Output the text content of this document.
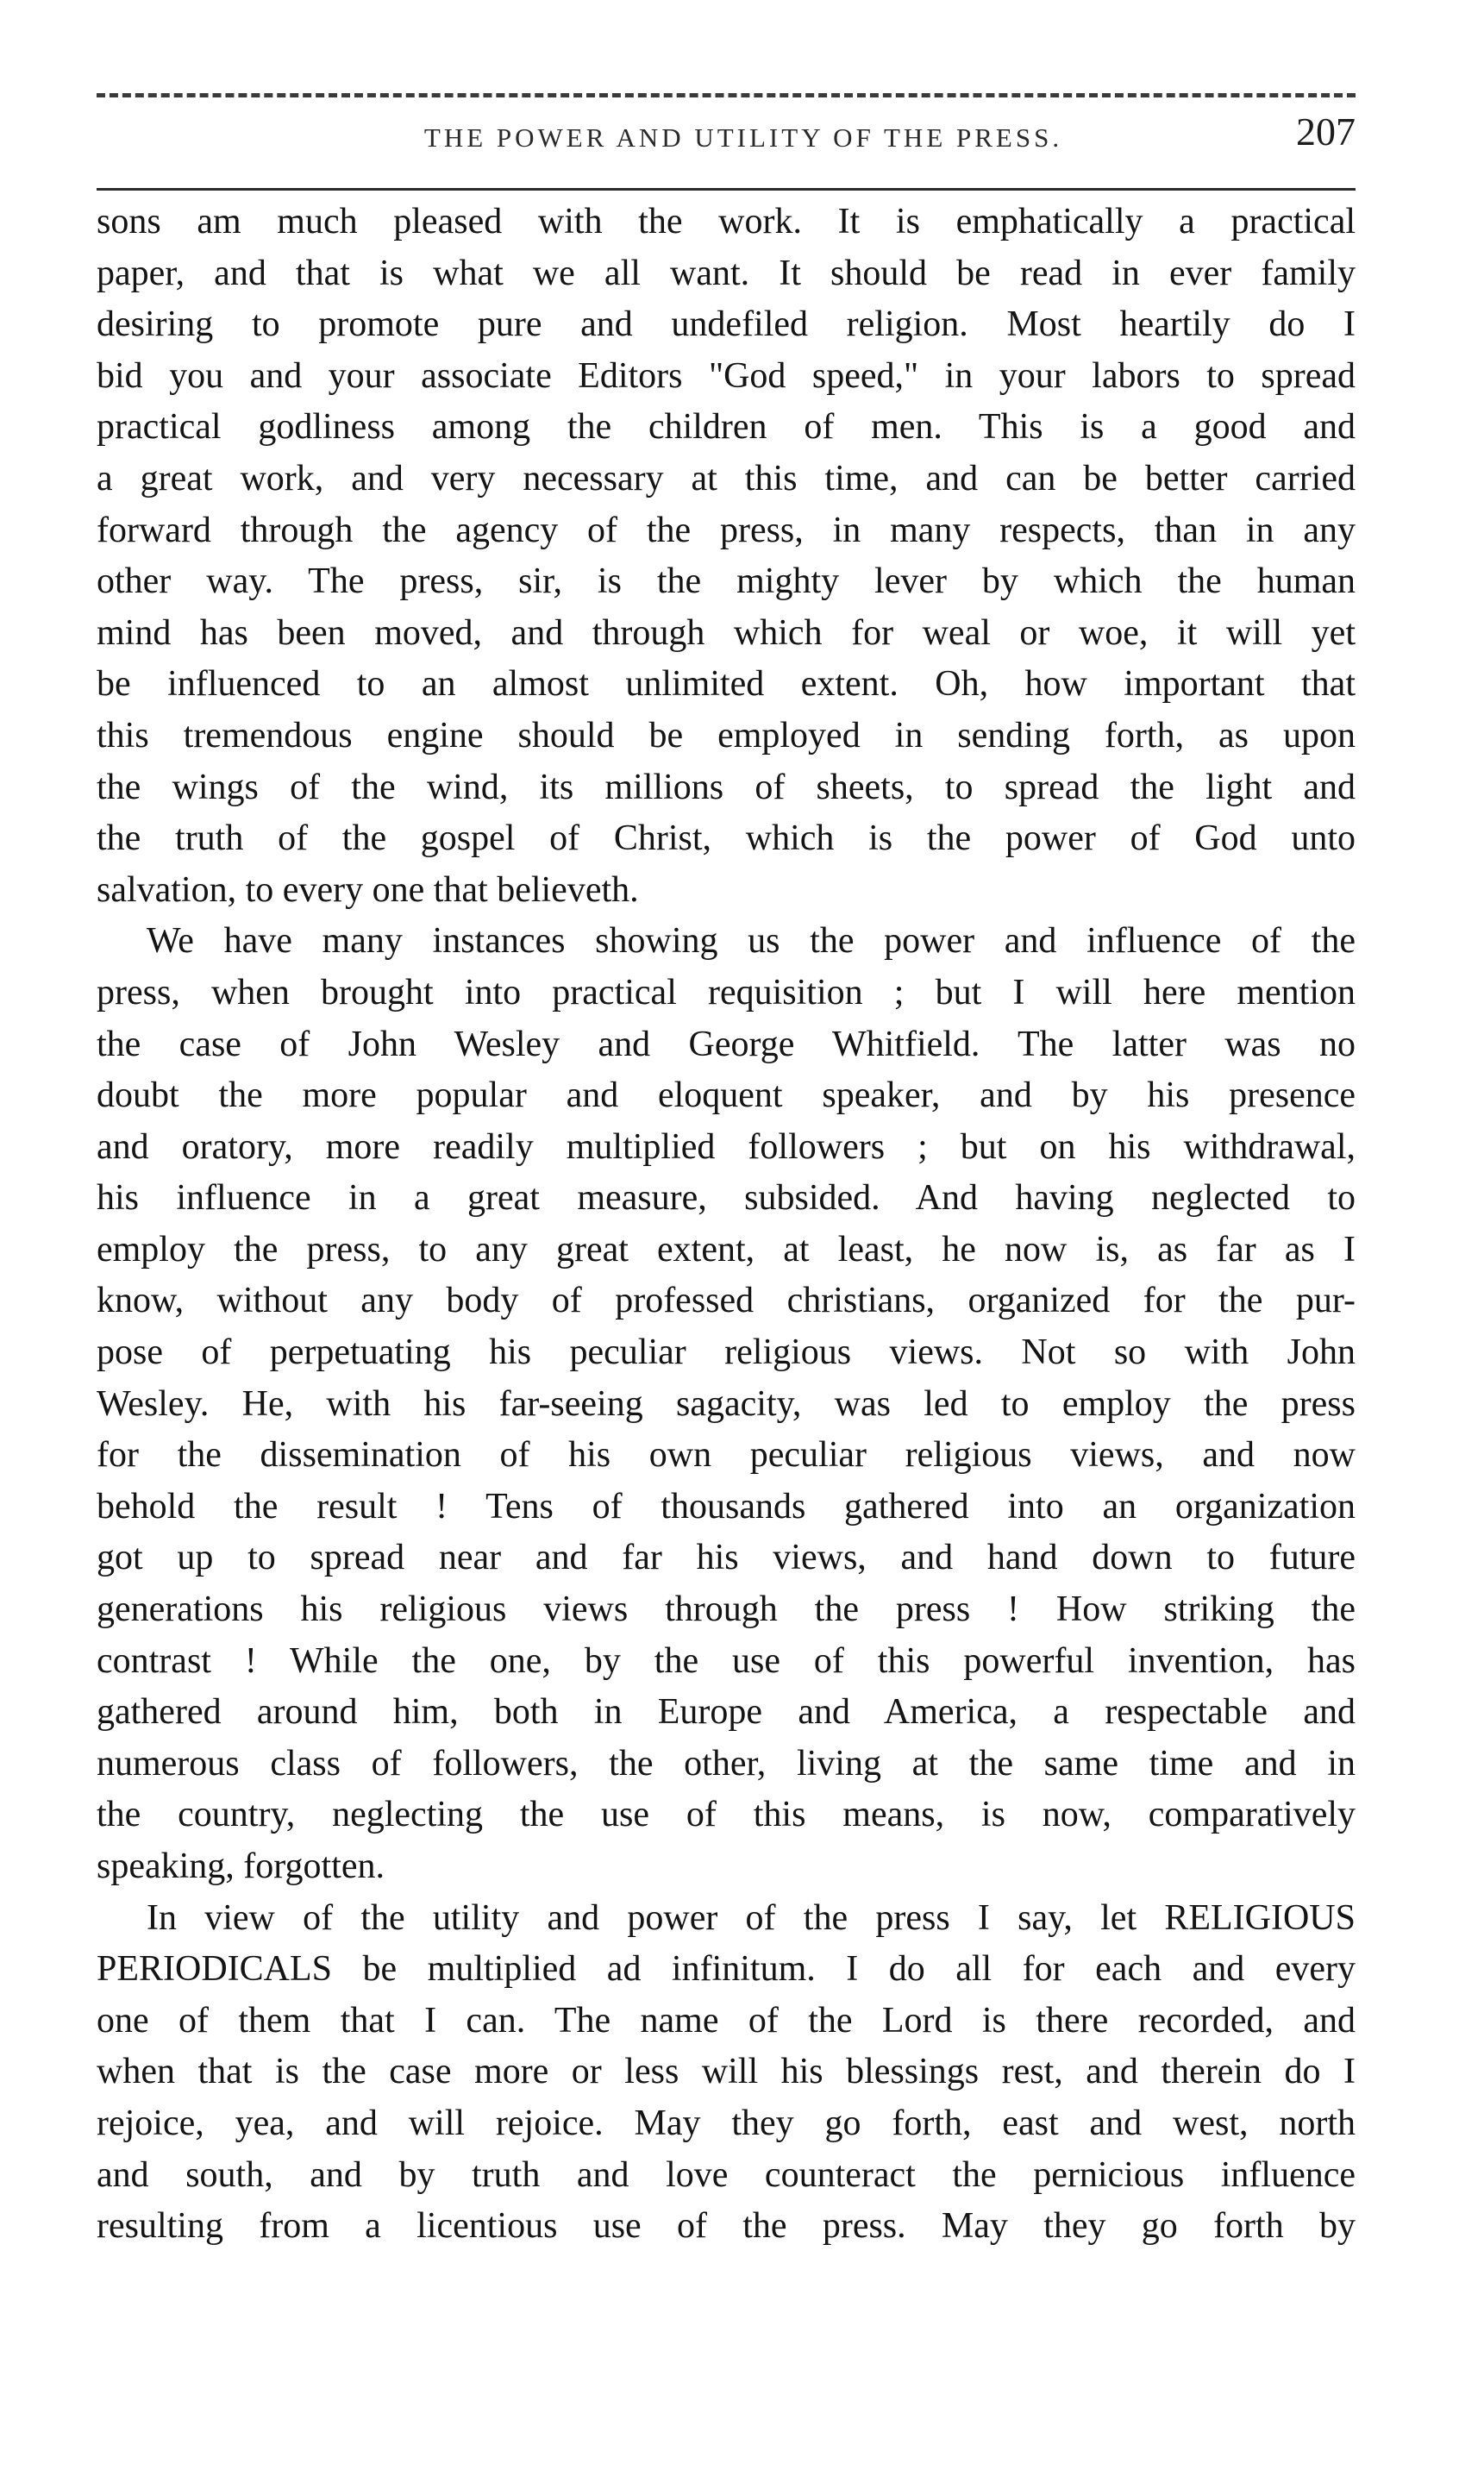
THE POWER AND UTILITY OF THE PRESS.	207
sons am much pleased with the work. It is emphatically a practical
paper, and that is what we all want. It should be read in ever family
desiring to promote pure and undefiled religion. Most heartily do I
bid you and your associate Editors "God speed," in your labors to spread
practical godliness among the children of men. This is a good and
a great work, and very necessary at this time, and can be better carried
forward through the agency of the press, in many respects, than in any
other way. The press, sir, is the mighty lever by which the human
mind has been moved, and through which for weal or woe, it will yet
be influenced to an almost unlimited extent. Oh, how important that
this tremendous engine should be employed in sending forth, as upon
the wings of the wind, its millions of sheets, to spread the light and
the truth of the gospel of Christ, which is the power of God unto
salvation, to every one that believeth.
We have many instances showing us the power and influence of the
press, when brought into practical requisition ; but I will here mention
the case of John Wesley and George Whitfield. The latter was no
doubt the more popular and eloquent speaker, and by his presence
and oratory, more readily multiplied followers ; but on his withdrawal,
his influence in a great measure, subsided. And having neglected to
employ the press, to any great extent, at least, he now is, as far as I
know, without any body of professed christians, organized for the pur-
pose of perpetuating his peculiar religious views. Not so with John
Wesley. He, with his far-seeing sagacity, was led to employ the press
for the dissemination of his own peculiar religious views, and now
behold the result ! Tens of thousands gathered into an organization
got up to spread near and far his views, and hand down to future
generations his religious views through the press ! How striking the
contrast ! While the one, by the use of this powerful invention, has
gathered around him, both in Europe and America, a respectable and
numerous class of followers, the other, living at the same time and in
the country, neglecting the use of this means, is now, comparatively
speaking, forgotten.
In view of the utility and power of the press I say, let RELIGIOUS
PERIODICALS be multiplied ad infinitum. I do all for each and every
one of them that I can. The name of the Lord is there recorded, and
when that is the case more or less will his blessings rest, and therein do I
rejoice, yea, and will rejoice. May they go forth, east and west, north
and south, and by truth and love counteract the pernicious influence
resulting from a licentious use of the press. May they go forth by
